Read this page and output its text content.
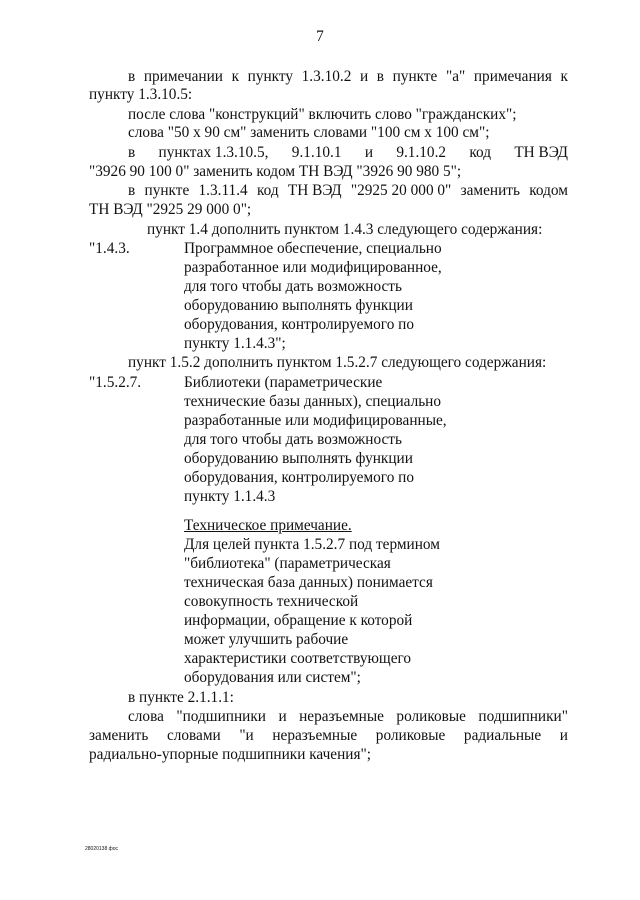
7
в примечании к пункту 1.3.10.2 и в пункте "а" примечания к
пункту 1.3.10.5:
после слова "конструкций" включить слово "гражданских";
слова "50 х 90 см" заменить словами "100 см х 100 см";
в пунктах 1.3.10.5, 9.1.10.1 и 9.1.10.2 код ТН ВЭД
"3926 90 100 0" заменить кодом ТН ВЭД "3926 90 980 5";
в пункте 1.3.11.4 код ТН ВЭД "2925 20 000 0" заменить кодом
ТН ВЭД "2925 29 000 0";
пункт 1.4 дополнить пунктом 1.4.3 следующего содержания:
"1.4.3.	Программное обеспечение, специально
разработанное или модифицированное,
для того чтобы дать возможность
оборудованию выполнять функции
оборудования, контролируемого по
пункту 1.1.4.3";
пункт 1.5.2 дополнить пунктом 1.5.2.7 следующего содержания:
"1.5.2.7.	Библиотеки (параметрические
технические базы данных), специально
разработанные или модифицированные,
для того чтобы дать возможность
оборудованию выполнять функции
оборудования, контролируемого по
пункту 1.1.4.3
Техническое примечание.
Для целей пункта 1.5.2.7 под термином
"библиотека" (параметрическая
техническая база данных) понимается
совокупность технической
информации, обращение к которой
может улучшить рабочие
характеристики соответствующего
оборудования или систем";
в пункте 2.1.1.1:
слова "подшипники и неразъемные роликовые подшипники"
заменить словами "и неразъемные роликовые радиальные и
радиально-упорные подшипники качения";
28020138 фос
